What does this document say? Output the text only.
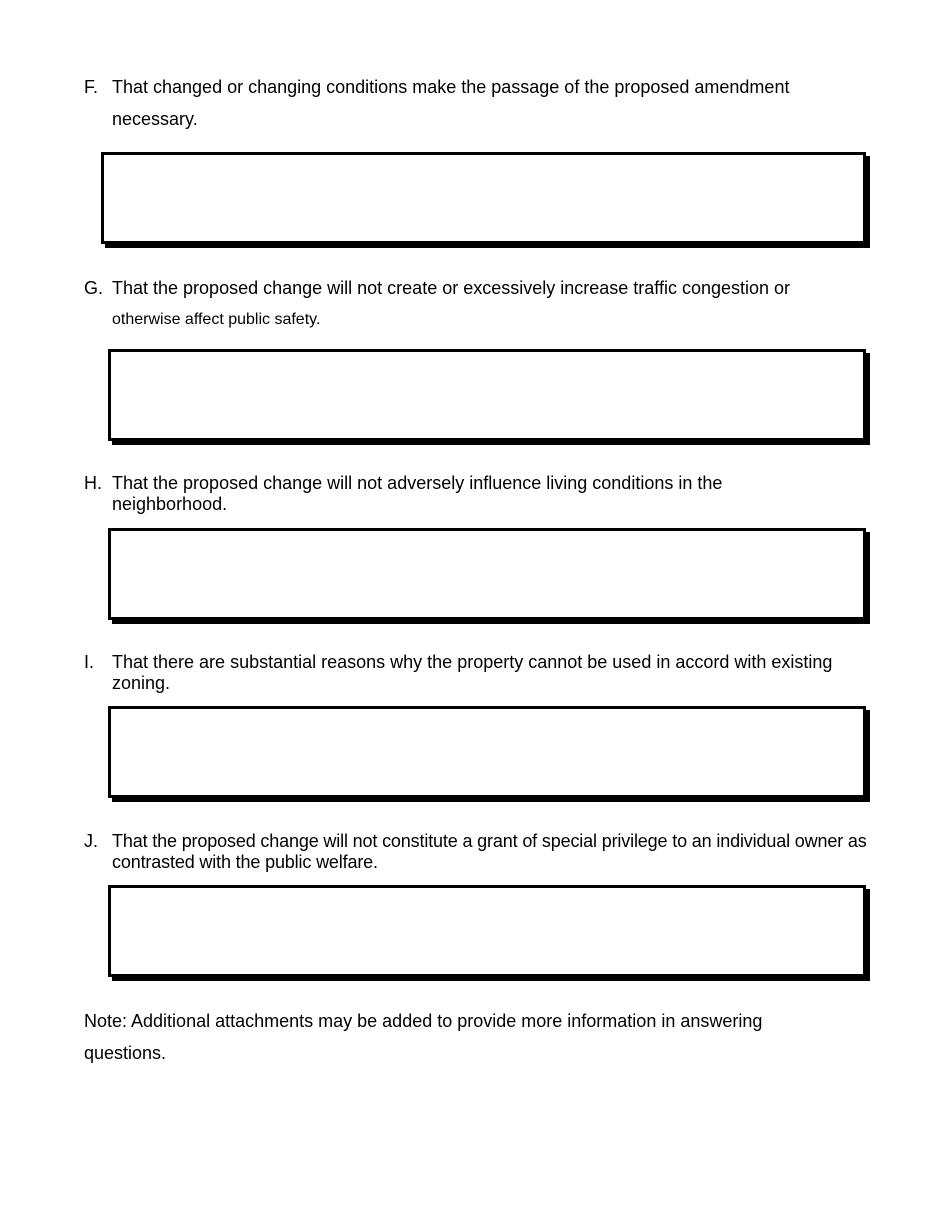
F. That changed or changing conditions make the passage of the proposed amendment necessary.
G. That the proposed change will not create or excessively increase traffic congestion or
otherwise affect public safety.
H. That the proposed change will not adversely influence living conditions in the neighborhood.
I. That there are substantial reasons why the property cannot be used in accord with existing zoning.
J. That the proposed change will not constitute a grant of special privilege to an individual owner as contrasted with the public welfare.
Note: Additional attachments may be added to provide more information in answering questions.
